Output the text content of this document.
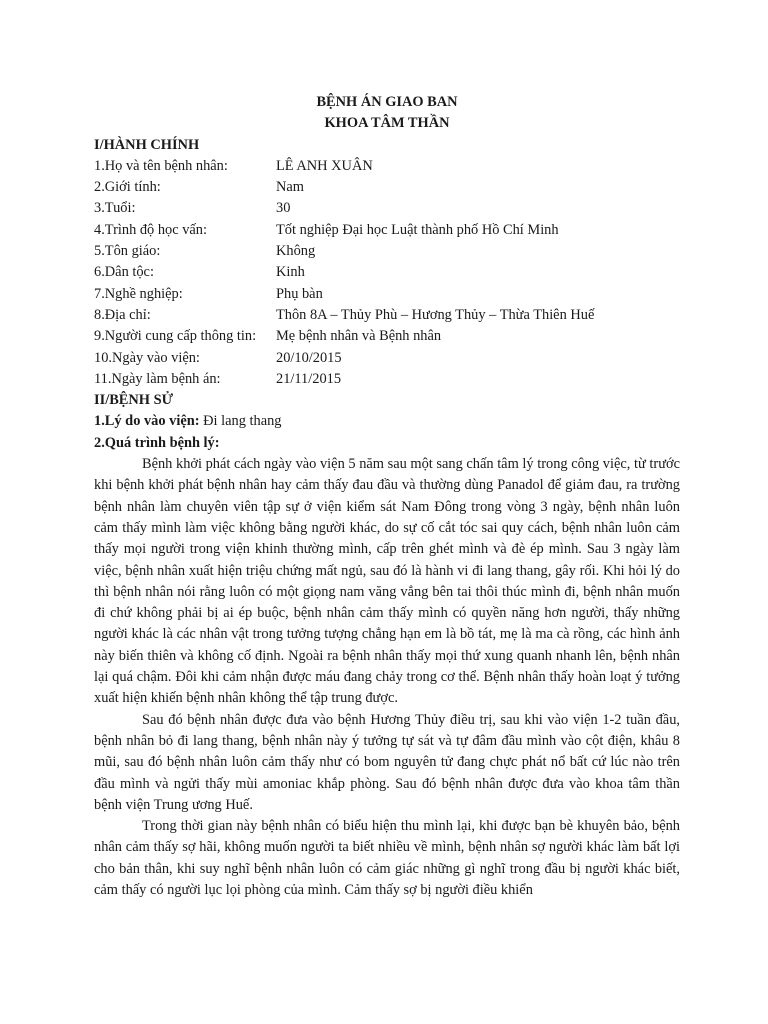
BỆNH ÁN GIAO BAN
KHOA TÂM THẦN
I/HÀNH CHÍNH
1.Họ và tên bệnh nhân:	LÊ ANH XUÂN
2.Giới tính:	Nam
3.Tuổi:	30
4.Trình độ học vấn:	Tốt nghiệp Đại học Luật thành phố Hồ Chí Minh
5.Tôn giáo:	Không
6.Dân tộc:	Kinh
7.Nghề nghiệp:	Phụ bàn
8.Địa chỉ:	Thôn 8A – Thủy Phù – Hương Thủy – Thừa Thiên Huế
9.Người cung cấp thông tin:	Mẹ bệnh nhân và Bệnh nhân
10.Ngày vào viện:	20/10/2015
11.Ngày làm bệnh án:	21/11/2015
II/BỆNH SỬ
1.Lý do vào viện: Đi lang thang
2.Quá trình bệnh lý:

Bệnh khởi phát cách ngày vào viện 5 năm sau một sang chấn tâm lý trong công việc, từ trước khi bệnh khởi phát bệnh nhân hay cảm thấy đau đầu và thường dùng Panadol để giảm đau, ra trường bệnh nhân làm chuyên viên tập sự ở viện kiểm sát Nam Đông trong vòng 3 ngày, bệnh nhân luôn cảm thấy mình làm việc không bằng người khác, do sự cố cắt tóc sai quy cách, bệnh nhân luôn cảm thấy mọi người trong viện khinh thường mình, cấp trên ghét mình và đè ép mình. Sau 3 ngày làm việc, bệnh nhân xuất hiện triệu chứng mất ngủ, sau đó là hành vi đi lang thang, gây rối. Khi hỏi lý do thì bệnh nhân nói rằng luôn có một giọng nam văng vẳng bên tai thôi thúc mình đi, bệnh nhân muốn đi chứ không phải bị ai ép buộc, bệnh nhân cảm thấy mình có quyền năng hơn người, thấy những người khác là các nhân vật trong tưởng tượng chẳng hạn em là bồ tát, mẹ là ma cà rồng, các hình ảnh này biến thiên và không cố định. Ngoài ra bệnh nhân thấy mọi thứ xung quanh nhanh lên, bệnh nhân lại quá chậm. Đôi khi cảm nhận được máu đang chảy trong cơ thể. Bệnh nhân thấy hoàn loạt ý tưởng xuất hiện khiến bệnh nhân không thể tập trung được.

Sau đó bệnh nhân được đưa vào bệnh Hương Thủy điều trị, sau khi vào viện 1-2 tuần đầu, bệnh nhân bỏ đi lang thang, bệnh nhân này ý tưởng tự sát và tự đâm đầu mình vào cột điện, khâu 8 mũi, sau đó bệnh nhân luôn cảm thấy như có bom nguyên tử đang chực phát nổ bất cứ lúc nào trên đầu mình và ngửi thấy mùi amoniac khắp phòng. Sau đó bệnh nhân được đưa vào khoa tâm thần bệnh viện Trung ương Huế.

Trong thời gian này bệnh nhân có biểu hiện thu mình lại, khi được bạn bè khuyên bảo, bệnh nhân cảm thấy sợ hãi, không muốn người ta biết nhiều về mình, bệnh nhân sợ người khác làm bất lợi cho bản thân, khi suy nghĩ bệnh nhân luôn có cảm giác những gì nghĩ trong đầu bị người khác biết, cảm thấy có người lục lọi phòng của mình. Cảm thấy sợ bị người điều khiển
